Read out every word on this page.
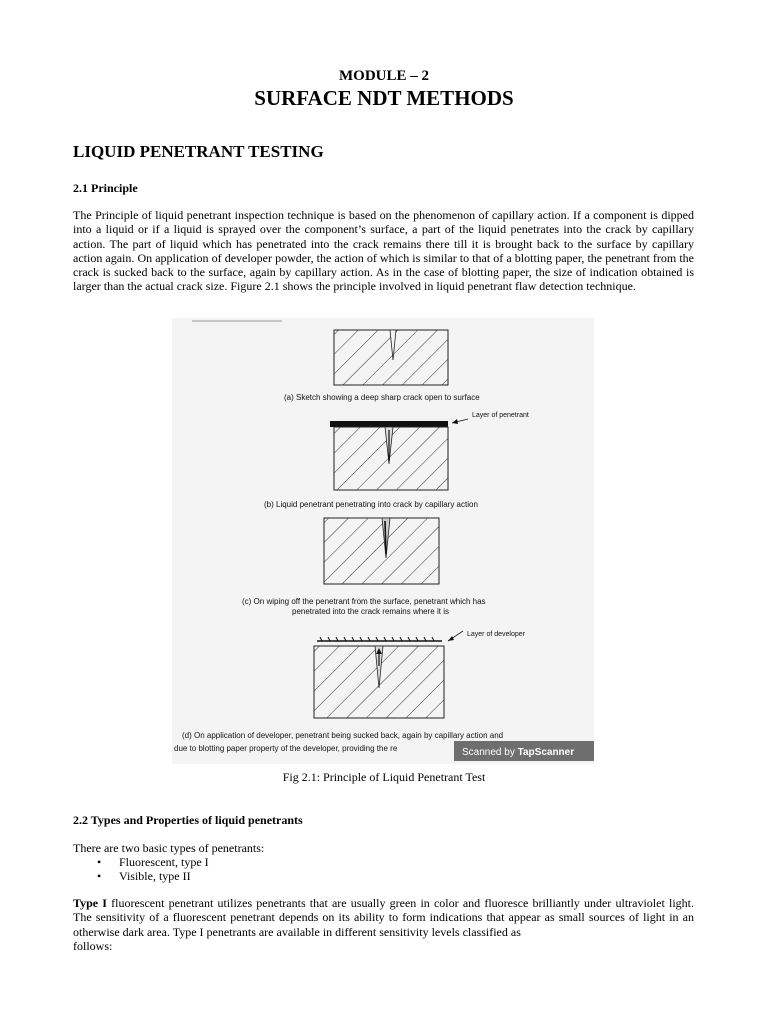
MODULE – 2
SURFACE NDT METHODS
LIQUID PENETRANT TESTING
2.1 Principle

The Principle of liquid penetrant inspection technique is based on the phenomenon of capillary action. If a component is dipped into a liquid or if a liquid is sprayed over the component’s surface, a part of the liquid penetrates into the crack by capillary action. The part of liquid which has penetrated into the crack remains there till it is brought back to the surface by capillary action again. On application of developer powder, the action of which is similar to that of a blotting paper, the penetrant from the crack is sucked back to the surface, again by capillary action. As in the case of blotting paper, the size of indication obtained is larger than the actual crack size. Figure 2.1 shows the principle involved in liquid penetrant flaw detection technique.

(a) Sketch showing a deep sharp crack open to surface
Layer of penetrant
(b) Liquid penetrant penetrating into crack by capillary action
(c) On wiping off the penetrant from the surface, penetrant which has
penetrated into the crack remains where it is
Layer of developer
(d) On application of developer, penetrant being sucked back, again by capillary action and
due to blotting paper property of the developer, providing the re	Scanned by TapScanner
Fig 2.1: Principle of Liquid Penetrant Test
2.2 Types and Properties of liquid penetrants

There are two basic types of penetrants:

• Fluorescent, type I
• Visible, type II

Type I fluorescent penetrant utilizes penetrants that are usually green in color and fluoresce brilliantly under ultraviolet light. The sensitivity of a fluorescent penetrant depends on its ability to form indications that appear as small sources of light in an otherwise dark area. Type I penetrants are available in different sensitivity levels classified as
follows:
